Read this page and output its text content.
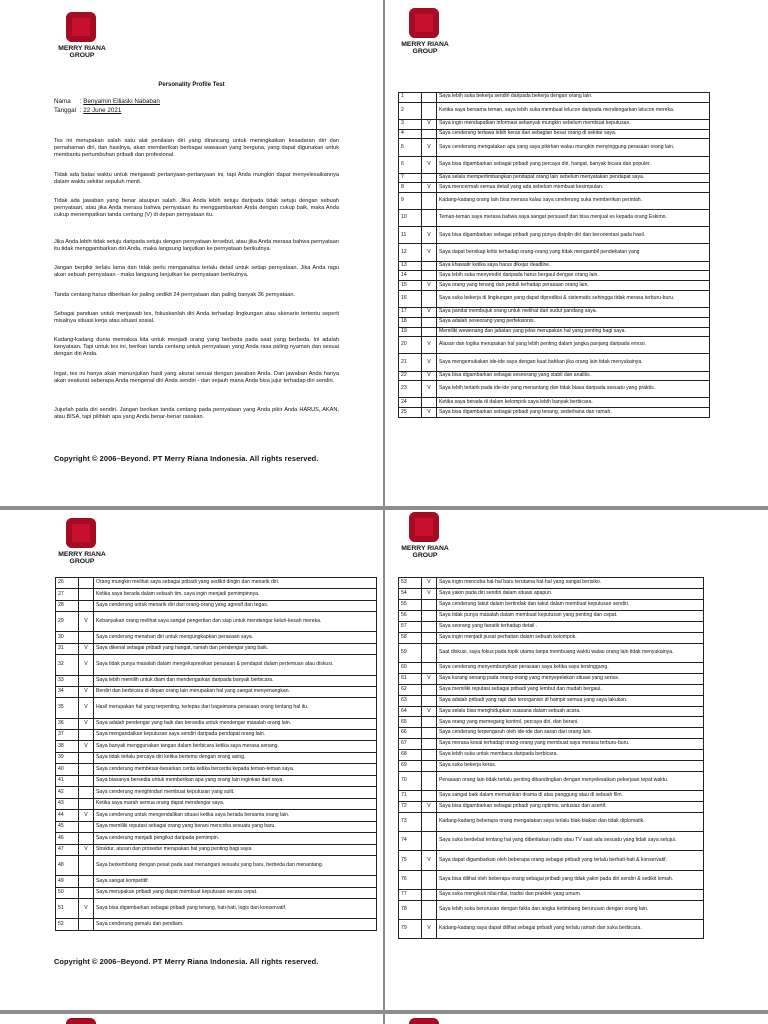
MERRY RIANA
GROUP
Personality Profile Test
Nama : Benyamin Elliaski Nababan
Tanggal : 22 June 2021
Tes ini merupakan salah satu alat penilaian diri yang dirancang untuk meningkatkan kesadaran diri dan pemahaman diri, dan hasilnya, akan memberikan berbagai wawasan yang berguna, yang dapat digunakan untuk membantu pertumbuhan pribadi dan profesional.
Tidak ada batas waktu untuk menjawab pertanyaan-pertanyaan ini, tapi Anda mungkin dapat menyelesaikannya dalam waktu sekitar sepuluh menit.
Tidak ada jawaban yang benar ataupun salah. Jika Anda lebih setuju daripada tidak setuju dengan sebuah pernyataan, atau jika Anda merasa bahwa pernyataan itu menggambarkan Anda dengan cukup baik, maka Anda cukup menempatkan tanda centang (V) di depan pernyataan itu.
Jika Anda lebih tidak setuju daripada setuju dengan pernyataan tersebut, atau jika Anda merasa bahwa pernyataan itu tidak menggambarkan diri Anda, maka langsung lanjutkan ke pernyataan berikutnya.
Jangan berpikir terlalu lama dan tidak perlu menganalisa terlalu detail untuk setiap pernyataan. Jika Anda ragu akan sebuah pernyataan - maka langsung lanjutkan ke pernyataan berikutnya.
Tanda centang harus diberikan ke paling sedikit 24 pernyataan dan paling banyak 36 pernyataan.
Sebagai panduan untuk menjawab tes, fokuskanlah diri Anda terhadap lingkungan atau skenario tertentu seperti misalnya situasi kerja atau situasi sosial.
Kadang-kadang dunia memaksa kita untuk menjadi orang yang berbeda pada saat yang berbeda. Ini adalah kenyataan. Tapi untuk tes ini, berikan tanda centang untuk pernyataan yang Anda rasa paling nyaman dan sesuai dengan diri Anda.
Ingat, tes ini hanya akan menunjukan hasil yang akurat sesuai dengan jawaban Anda. Dan jawaban Anda hanya akan seakurat seberapa Anda mengenal diri Anda sendiri - dan sejauh mana Anda bisa jujur terhadap diri sendiri.
Jujurlah pada diri sendiri. Jangan berikan tanda centang pada pernyataan yang Anda pikir Anda HARUS, AKAN, atau BISA, tapi pilihlah apa yang Anda benar-benar rasakan.
Copyright © 2006–Beyond. PT Merry Riana Indonesia. All rights reserved.
MERRY RIANA
GROUP
1		Saya lebih suka bekerja sendiri daripada bekerja dengan orang lain.
2		Ketika saya bersama teman, saya lebih suka membuat lelucon daripada mendengarkan lelucon mereka.
3	V	Saya ingin mendapatkan informasi sebanyak mungkin sebelum membuat keputusan.
4		Saya cenderung tertawa lebih keras dari sebagian besar orang di sekitar saya.
5	V	Saya cenderung mengatakan apa yang saya pikirkan walau mungkin menyinggung perasaan orang lain.
6	V	Saya bisa digambarkan sebagai pribadi yang percaya diri, hangat, banyak bicara dan populer.
7		Saya selalu mempertimbangkan pendapat orang lain sebelum menyatakan pendapat saya.
8	V	Saya mencermati semua detail yang ada sebelum membuat kesimpulan.
9		Kadang-kadang orang lain bisa merasa kalau saya cenderung suka memberikan perintah.
10		Teman-teman saya merasa bahwa saya sangat persuasif dan bisa menjual es kepada orang Eskimo.
11	V	Saya bisa digambarkan sebagai pribadi yang punya disiplin diri dan berorientasi pada hasil.
12	V	Saya dapat bersikap kritis terhadap orang-orang yang tidak mengambil pendekatan yang
13		Saya khawatir ketika saya harus dikejar deadline.
14		Saya lebih suka menyendiri daripada harus bergaul dengan orang lain.
15	V	Saya orang yang tenang dan peduli terhadap perasaan orang lain.
16		Saya suka bekerja di lingkungan yang dapat diprediksi & sistematis sehingga tidak merasa terburu-buru.
17	V	Saya pandai membujuk orang untuk melihat dari sudut pandang saya.
18		Saya adalah seseorang yang perfeksionis.
19		Memiliki wewenang dan jabatan yang jelas merupakan hal yang penting bagi saya.
20	V	Alasan dan logika merupakan hal yang lebih penting dalam jangka panjang daripada emosi.
21	V	Saya mengemukakan ide-ide saya dengan kuat bahkan jika orang lain tidak menyukainya.
22	V	Saya bisa digambarkan sebagai seseorang yang stabil dan analitis.
23	V	Saya lebih tertarik pada ide-ide yang menantang dan tidak biasa daripada sesuatu yang praktis.
24		Ketika saya berada di dalam kelompok saya lebih banyak berbicara.
25	V	Saya bisa digambarkan sebagai pribadi yang tenang, sederhana dan ramah.
MERRY RIANA
GROUP
26		Orang mungkin melihat saya sebagai pribadi yang sedikit dingin dan menarik diri.
27		Ketika saya berada dalam sebuah tim, saya ingin menjadi pemimpinnya.
28		Saya cenderung untuk menarik diri dari orang-orang yang agresif dan tegas.
29	V	Kebanyakan orang melihat saya sangat pengertian dan siap untuk mendengar keluh-kesah mereka.
30		Saya cenderung menahan diri untuk mengungkapkan perasaan saya.
31	V	Saya dikenal sebagai pribadi yang hangat, ramah dan pendengar yang baik.
32	V	Saya tidak punya masalah dalam mengekspresikan perasaan & pendapat dalam pertemuan atau diskusi.
33		Saya lebih memilih untuk diam dan mendengarkan daripada banyak berbicara.
34	V	Berdiri dan berbicara di depan orang lain merupakan hal yang sangat menyenangkan.
35	V	Hasil merupakan hal yang terpenting, terlepas dari bagaimana perasaan orang tentang hal itu.
36	V	Saya adalah pendengar yang baik dan bersedia untuk mendengar masalah orang lain.
37		Saya mengandalkan keputusan saya sendiri daripada pendapat orang lain.
38	V	Saya banyak menggunakan tangan dalam berbicara ketika saya merasa senang.
39		Saya tidak terlalu percaya diri ketika bertemu dengan orang asing.
40		Saya cenderung membesar-besarkan cerita ketika bercerita kepada teman-teman saya.
41		Saya biasanya bersedia untuk memberikan apa yang orang lain inginkan dari saya.
42		Saya cenderung menghindari membuat keputusan yang sulit.
43		Ketika saya marah semua orang dapat mendengar saya.
44	V	Saya cenderung untuk mengendalikan situasi ketika saya berada bersama orang lain.
45		Saya memiliki reputasi sebagai orang yang berani mencoba sesuatu yang baru.
46		Saya cenderung menjadi pengikut daripada pemimpin.
47	V	Struktur, aturan dan prosedur merupakan hal yang penting bagi saya.
48		Saya berkembang dengan pesat pada saat menangani sesuatu yang baru, berbeda dan menantang.
49		Saya sangat kompetitif.
50		Saya merupakan pribadi yang dapat membuat keputusan secara cepat.
51	V	Saya bisa digambarkan sebagai pribadi yang tenang, hati-hati, logis dan konservatif.
52		Saya cenderung pemalu dan pendiam.
Copyright © 2006–Beyond. PT Merry Riana Indonesia. All rights reserved.
MERRY RIANA
GROUP
53	V	Saya ingin mencoba hal-hal baru terutama hal-hal yang sangat berisiko.
54	V	Saya yakin pada diri sendiri dalam situasi apapun.
55		Saya cenderung takut dalam bertindak dan takut dalam membuat keputusan sendiri.
56		Saya tidak punya masalah dalam membuat keputusan yang penting dan cepat.
57		Saya seorang yang fanatik terhadap detail .
58		Saya ingin menjadi pusat perhatian dalam sebuah kelompok.
59		Saat diskusi, saya fokus pada topik utama tanpa membuang waktu walau orang lain tidak menyukainya.
60		Saya cenderung menyembunyikan perasaan saya ketika saya tersinggung.
61	V	Saya kurang senang pada orang-orang yang menyepelekan situasi yang serius.
62		Saya memiliki reputasi sebagai pribadi yang lembut dan mudah bergaul.
63		Saya adalah pribadi yang rapi dan terorganisir di hampir semua yang saya lakukan.
64	V	Saya selalu bisa menghidupkan suasana dalam sebuah acara.
65		Saya orang yang memegang kontrol, percaya diri, dan berani.
66		Saya cenderung terpengaruh oleh ide-ide dan saran dari orang lain.
67		Saya merasa kesal terhadap orang-orang yang membuat saya merasa terburu-buru.
68		Saya lebih suka untuk membaca daripada berbicara.
69		Saya suka bekerja keras.
70		Perasaan orang lain tidak terlalu penting dibandingkan dengan menyelesaikan pekerjaan tepat waktu.
71		Saya sangat baik dalam memainkan drama di atas panggung atau di sebuah film.
72	V	Saya bisa digambarkan sebagai pribadi yang optimis, antusias dan asertif.
73		Kadang-kadang beberapa orang mengatakan saya terlalu blak-blakan dan tidak diplomatik.
74		Saya suka berdebat tentang hal yang diberitakan radio atau TV saat ada sesuatu yang tidak saya setujui.
75	V	Saya dapat digambarkan oleh beberapa orang sebagai pribadi yang terlalu berhati-hati & konservatif.
76		Saya bisa dilihat oleh beberapa orang sebagai pribadi yang tidak yakin pada diri sendiri & sedikit lemah.
77		Saya suka mengikuti nilai-nilai, tradisi dan praktek yang umum.
78		Saya lebih suka berurusan dengan fakta dan angka ketimbang berurusan dengan orang lain.
79	V	Kadang-kadang saya dapat dilihat sebagai pribadi yang terlalu ramah dan suka berbicara.
